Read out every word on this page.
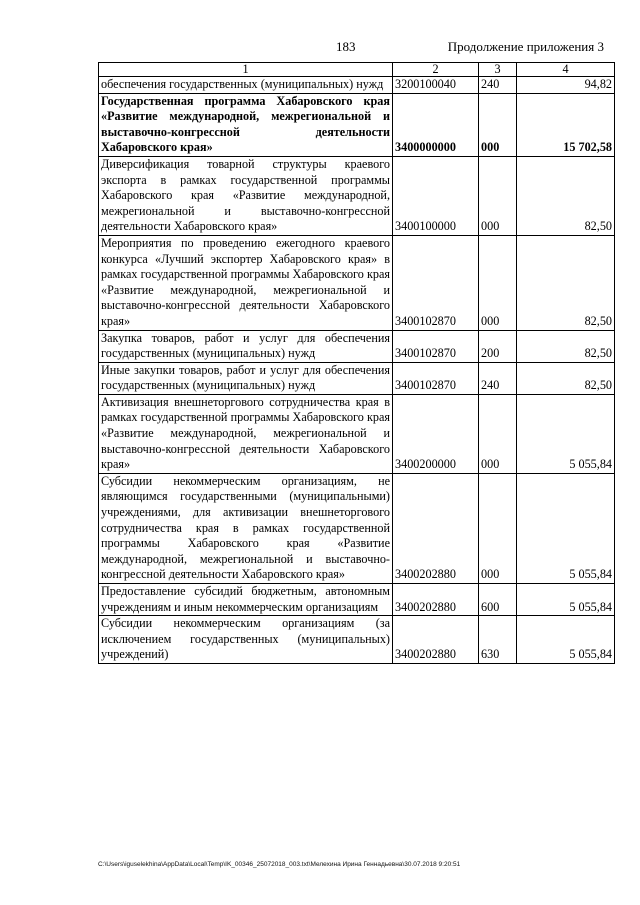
183	Продолжение приложения 3
1	2	3	4
обеспечения государственных (муниципальных) нужд	3200100040	240	94,82
Государственная программа Хабаровского края «Развитие международной, межрегиональной и выставочно-конгрессной деятельности Хабаровского края»	3400000000	000	15 702,58
Диверсификация товарной структуры краевого экспорта в рамках государственной программы Хабаровского края «Развитие международной, межрегиональной и выставочно-конгрессной деятельности Хабаровского края»	3400100000	000	82,50
Мероприятия по проведению ежегодного краевого конкурса «Лучший экспортер Хабаровского края» в рамках государственной программы Хабаровского края «Развитие международной, межрегиональной и выставочно-конгрессной деятельности Хабаровского края»	3400102870	000	82,50
Закупка товаров, работ и услуг для обеспечения государственных (муниципальных) нужд	3400102870	200	82,50
Иные закупки товаров, работ и услуг для обеспечения государственных (муниципальных) нужд	3400102870	240	82,50
Активизация внешнеторгового сотрудничества края в рамках государственной программы Хабаровского края «Развитие международной, межрегиональной и выставочно-конгрессной деятельности Хабаровского края»	3400200000	000	5 055,84
Субсидии некоммерческим организациям, не являющимся государственными (муниципальными) учреждениями, для активизации внешнеторгового сотрудничества края в рамках государственной программы Хабаровского края «Развитие международной, межрегиональной и выставочно-конгрессной деятельности Хабаровского края»	3400202880	000	5 055,84
Предоставление субсидий бюджетным, автономным учреждениям и иным некоммерческим организациям	3400202880	600	5 055,84
Субсидии некоммерческим организациям (за исключением государственных (муниципальных) учреждений)	3400202880	630	5 055,84
C:\Users\iguselekhina\AppData\Local\Temp\IK_00346_25072018_003.txt\Мелехина Ирина Геннадьевна\30.07.2018 9:20:51
